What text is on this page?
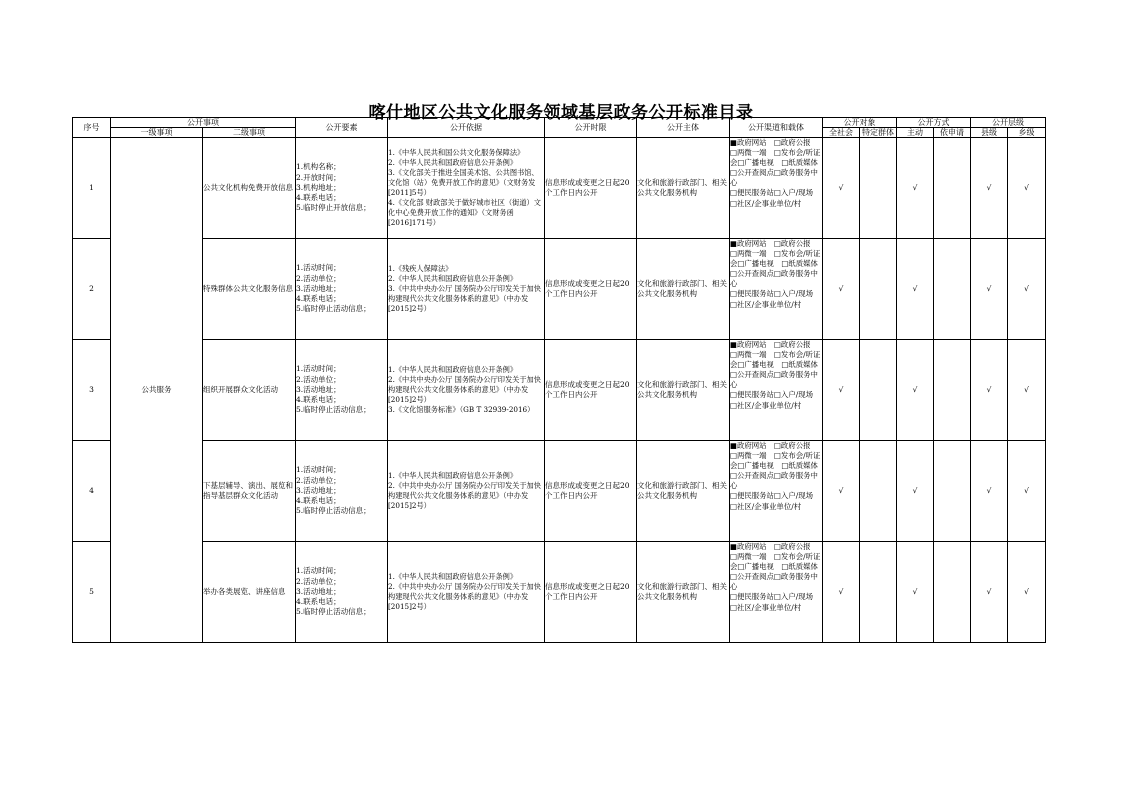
喀什地区公共文化服务领域基层政务公开标准目录
序号	公开事项		公开要素	公开依据	公开时限	公开主体	公开渠道和载体	公开对象		公开方式		公开层级	
	一级事项	二级事项						全社会	特定群体	主动	依申请	县级	乡级
1	公共服务	公共文化机构免费开放信息	1.机构名称；
2.开放时间；
3.机构地址；
4.联系电话；
5.临时停止开放信息；	1.《中华人民共和国公共文化服务保障法》
2.《中华人民共和国政府信息公开条例》
3.《文化部关于推进全国美术馆、公共图书馆、文化馆（站）免费开放工作的意见》（文财务发[2011]5号）
4.《文化部 财政部关于做好城市社区（街道）文化中心免费开放工作的通知》（文财务函[2016]171号）	信息形成或变更之日起20个工作日内公开	文化和旅游行政部门、相关公共文化服务机构	■政府网站　□政府公报
□两微一端　□发布会/听证会□广播电视　□纸质媒体
□公开查阅点□政务服务中心
□便民服务站□入户/现场
□社区/企事业单位/村	√		√		√	√
2		特殊群体公共文化服务信息	1.活动时间；
2.活动单位；
3.活动地址；
4.联系电话；
5.临时停止活动信息；	1.《残疾人保障法》
2.《中华人民共和国政府信息公开条例》
3.《中共中央办公厅 国务院办公厅印发关于加快构建现代公共文化服务体系的意见》（中办发[2015]2号）	信息形成或变更之日起20个工作日内公开	文化和旅游行政部门、相关公共文化服务机构	■政府网站　□政府公报
□两微一端　□发布会/听证会□广播电视　□纸质媒体
□公开查阅点□政务服务中心
□便民服务站□入户/现场
□社区/企事业单位/村	√		√		√	√
3		组织开展群众文化活动	1.活动时间；
2.活动单位；
3.活动地址；
4.联系电话；
5.临时停止活动信息；	1.《中华人民共和国政府信息公开条例》
2.《中共中央办公厅 国务院办公厅印发关于加快构建现代公共文化服务体系的意见》（中办发[2015]2号）
3.《文化馆服务标准》（GB T 32939-2016）	信息形成或变更之日起20个工作日内公开	文化和旅游行政部门、相关公共文化服务机构	■政府网站　□政府公报
□两微一端　□发布会/听证会□广播电视　□纸质媒体
□公开查阅点□政务服务中心
□便民服务站□入户/现场
□社区/企事业单位/村	√		√		√	√
4		下基层辅导、演出、展览和指导基层群众文化活动	1.活动时间；
2.活动单位；
3.活动地址；
4.联系电话；
5.临时停止活动信息；	1.《中华人民共和国政府信息公开条例》
2.《中共中央办公厅 国务院办公厅印发关于加快构建现代公共文化服务体系的意见》（中办发[2015]2号）	信息形成或变更之日起20个工作日内公开	文化和旅游行政部门、相关公共文化服务机构	■政府网站　□政府公报
□两微一端　□发布会/听证会□广播电视　□纸质媒体
□公开查阅点□政务服务中心
□便民服务站□入户/现场
□社区/企事业单位/村	√		√		√	√
5		举办各类展览、讲座信息	1.活动时间；
2.活动单位；
3.活动地址；
4.联系电话；
5.临时停止活动信息；	1.《中华人民共和国政府信息公开条例》
2.《中共中央办公厅 国务院办公厅印发关于加快构建现代公共文化服务体系的意见》（中办发[2015]2号）	信息形成或变更之日起20个工作日内公开	文化和旅游行政部门、相关公共文化服务机构	■政府网站　□政府公报
□两微一端　□发布会/听证会□广播电视　□纸质媒体
□公开查阅点□政务服务中心
□便民服务站□入户/现场
□社区/企事业单位/村	√		√		√	√
